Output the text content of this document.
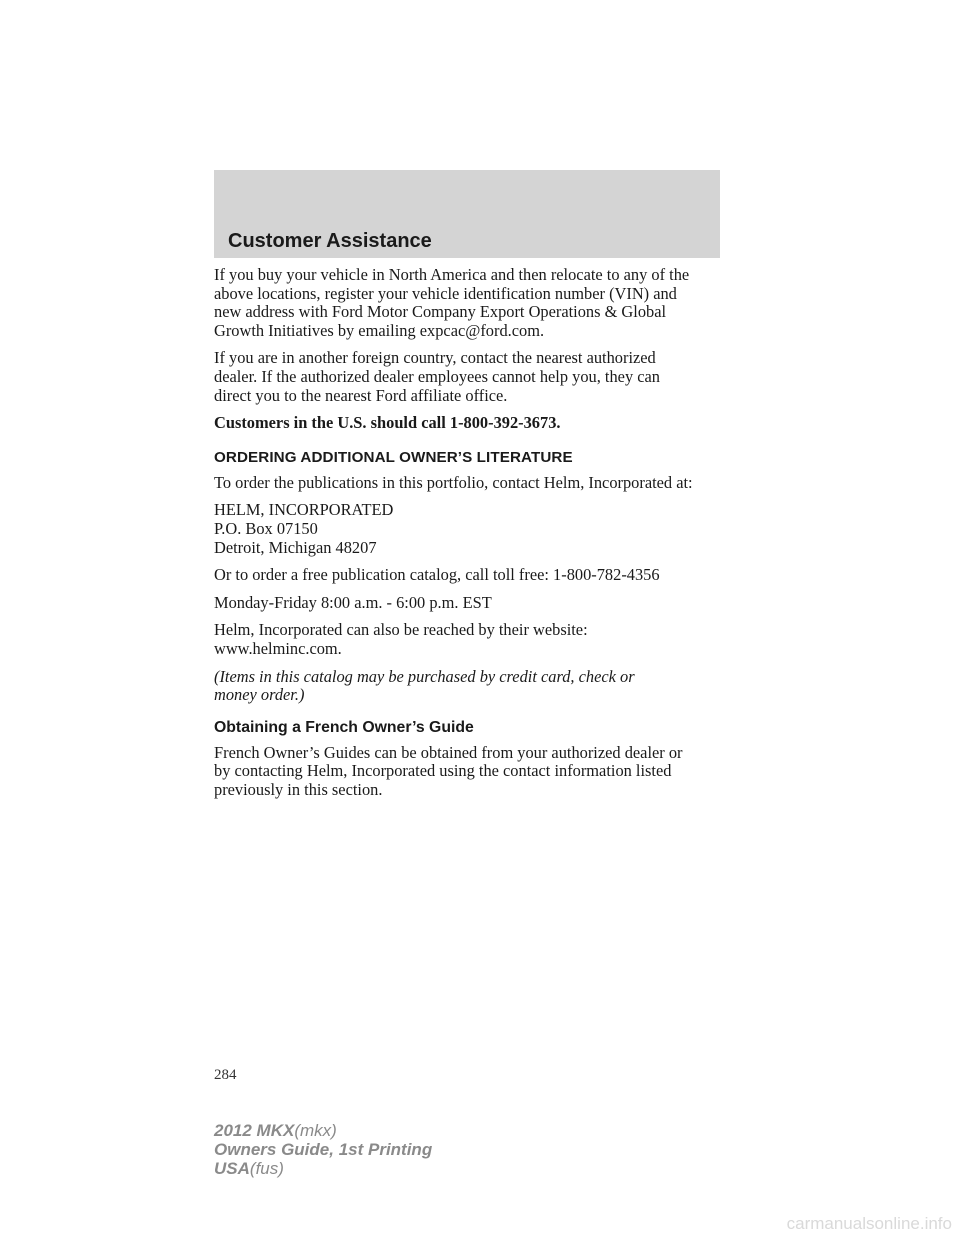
Customer Assistance

If you buy your vehicle in North America and then relocate to any of the
above locations, register your vehicle identification number (VIN) and
new address with Ford Motor Company Export Operations & Global
Growth Initiatives by emailing expcac@ford.com.

If you are in another foreign country, contact the nearest authorized
dealer. If the authorized dealer employees cannot help you, they can
direct you to the nearest Ford affiliate office.

Customers in the U.S. should call 1-800-392-3673.

ORDERING ADDITIONAL OWNER’S LITERATURE

To order the publications in this portfolio, contact Helm, Incorporated at:

HELM, INCORPORATED
P.O. Box 07150
Detroit, Michigan 48207

Or to order a free publication catalog, call toll free: 1-800-782-4356

Monday-Friday 8:00 a.m. - 6:00 p.m. EST

Helm, Incorporated can also be reached by their website:
www.helminc.com.

(Items in this catalog may be purchased by credit card, check or
money order.)

Obtaining a French Owner’s Guide

French Owner’s Guides can be obtained from your authorized dealer or
by contacting Helm, Incorporated using the contact information listed
previously in this section.

284
2012 MKX(mkx)
Owners Guide, 1st Printing
USA(fus)
carmanualsonline.info
